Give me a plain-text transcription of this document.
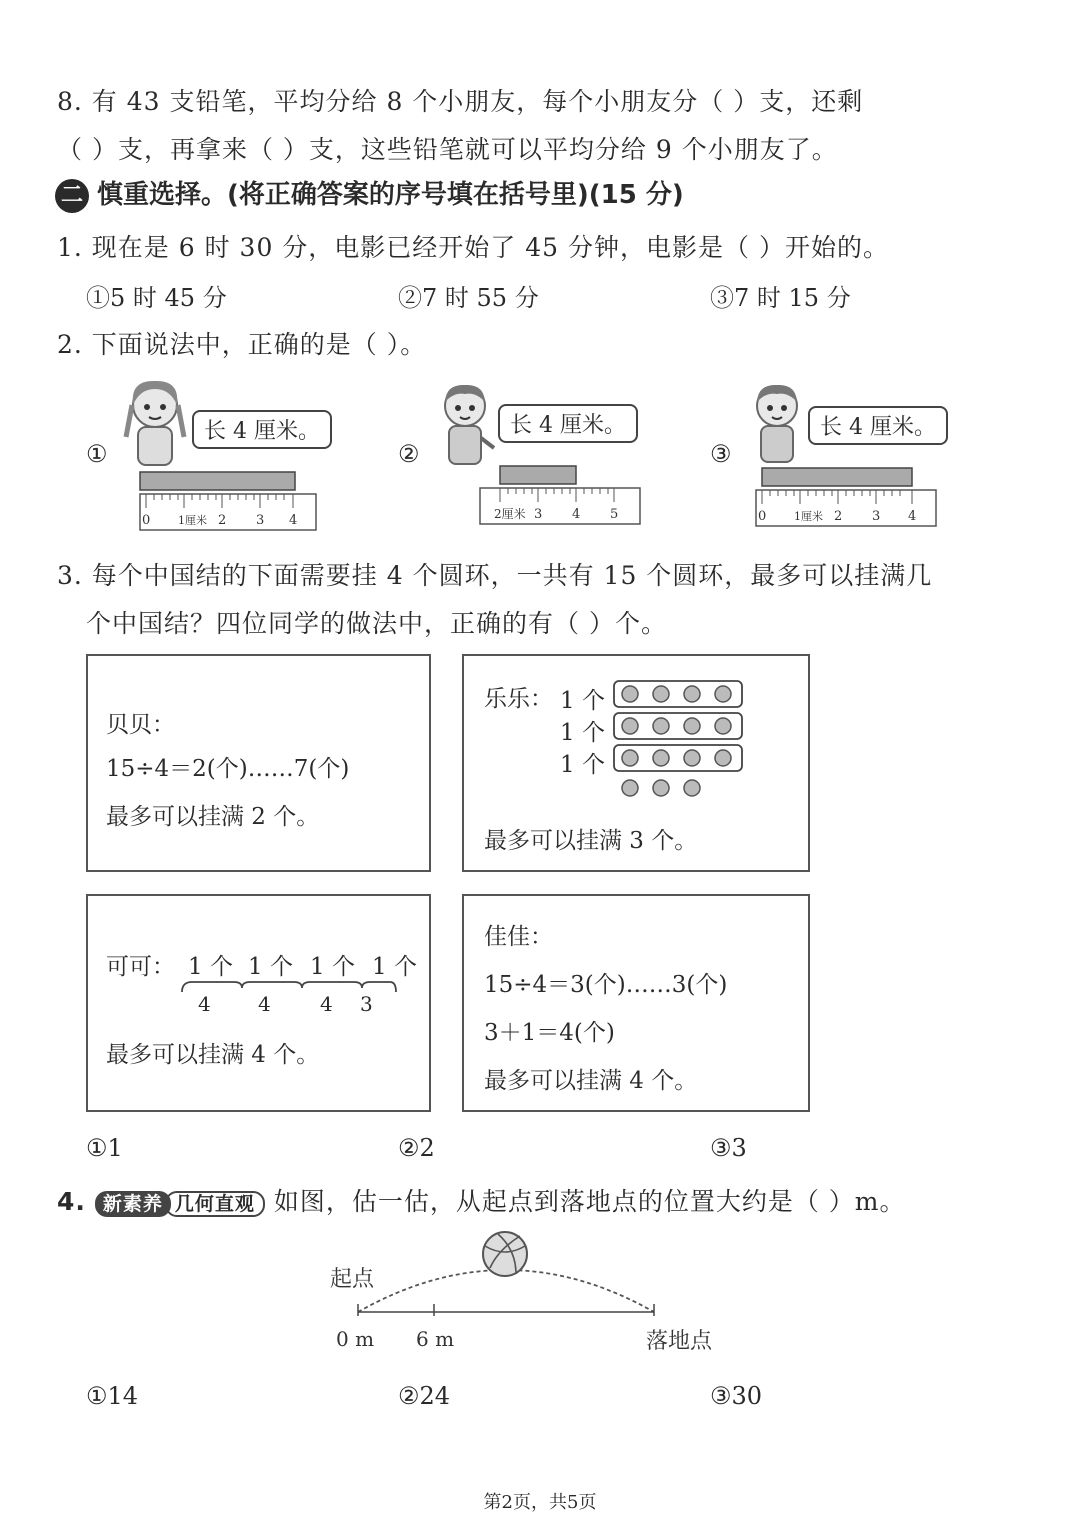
8. 有 43 支铅笔，平均分给 8 个小朋友，每个小朋友分（ ）支，还剩
（ ）支，再拿来（ ）支，这些铅笔就可以平均分给 9 个小朋友了。
二 慎重选择。(将正确答案的序号填在括号里)(15 分)
1. 现在是 6 时 30 分，电影已经开始了 45 分钟，电影是（ ）开始的。
①5 时 45 分	②7 时 55 分	③7 时 15 分
2. 下面说法中，正确的是（ ）。
①
长 4 厘米。
0	1厘米 2 3 4
②
长 4 厘米。
2厘米 3 4 5
③
长 4 厘米。
0	1厘米 2 3 4
3. 每个中国结的下面需要挂 4 个圆环，一共有 15 个圆环，最多可以挂满几
个中国结？四位同学的做法中，正确的有（ ）个。
贝贝：
15÷4＝2(个)……7(个)
最多可以挂满 2 个。
乐乐： 1 个
1 个
1 个
最多可以挂满 3 个。
可可： 1 个 1 个 1 个 1 个
4 4 4 3
最多可以挂满 4 个。
佳佳：
15÷4＝3(个)……3(个)
3＋1＝4(个)
最多可以挂满 4 个。
①1	②2	③3
4. 新素养 几何直观 如图，估一估，从起点到落地点的位置大约是（ ）m。
起点
0 m 6 m	落地点
①14	②24	③30
第2页，共5页
